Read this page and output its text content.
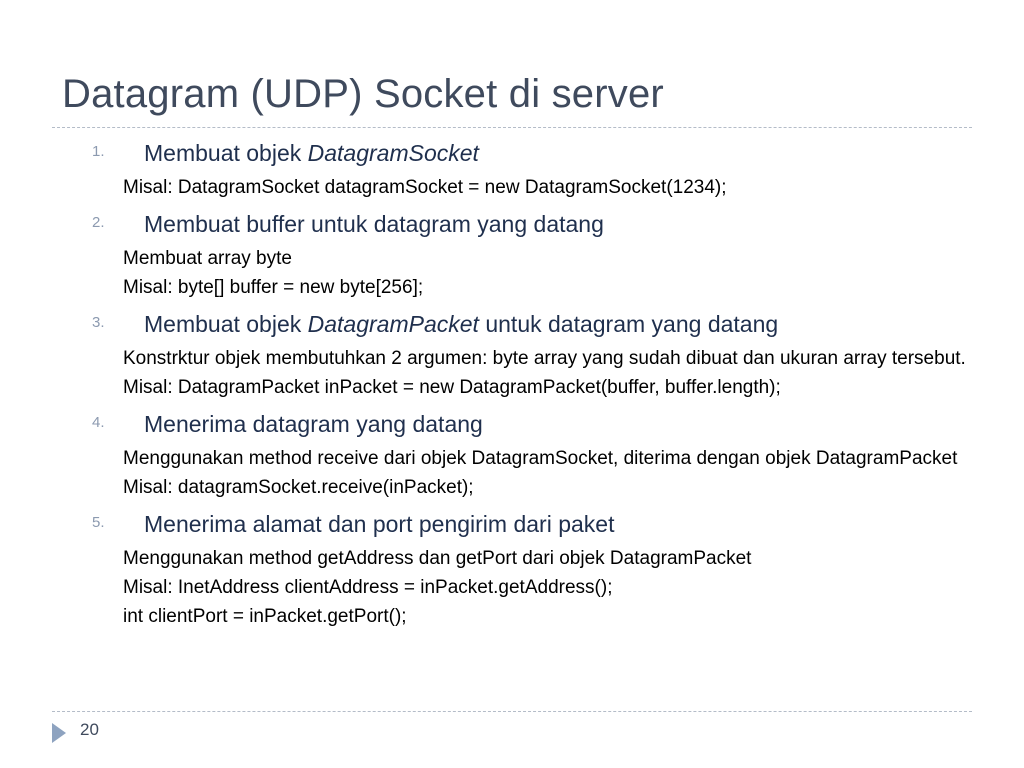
Datagram (UDP) Socket di server
1. Membuat objek DatagramSocket
Misal: DatagramSocket datagramSocket = new DatagramSocket(1234);
2. Membuat buffer untuk datagram yang datang
Membuat array byte
Misal: byte[] buffer = new byte[256];
3. Membuat objek DatagramPacket untuk datagram yang datang
Konstrktur objek membutuhkan 2 argumen: byte array yang sudah dibuat dan ukuran array tersebut.
Misal: DatagramPacket inPacket = new DatagramPacket(buffer, buffer.length);
4. Menerima datagram yang datang
Menggunakan method receive dari objek DatagramSocket, diterima dengan objek DatagramPacket
Misal: datagramSocket.receive(inPacket);
5. Menerima alamat dan port pengirim dari paket
Menggunakan method getAddress dan getPort dari objek DatagramPacket
Misal: InetAddress clientAddress = inPacket.getAddress();
int clientPort = inPacket.getPort();
20
